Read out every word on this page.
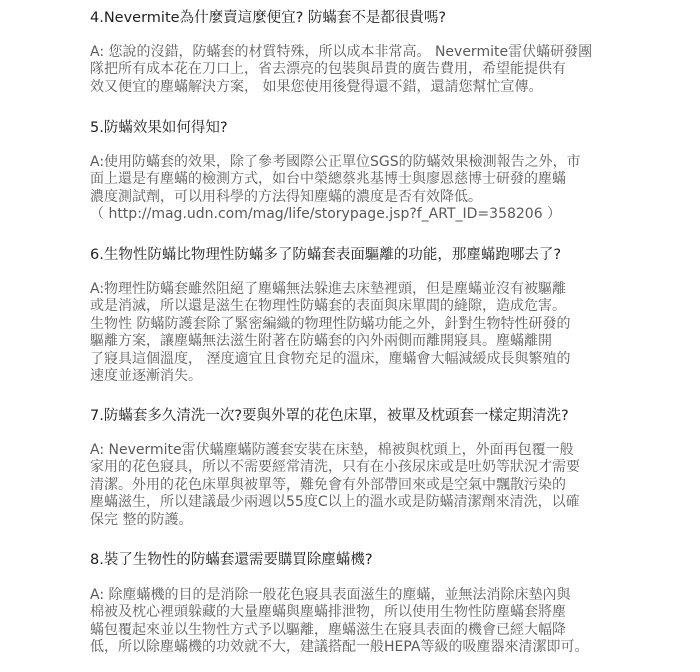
4.Nevermite為什麼賣這麼便宜? 防蟎套不是都很貴嗎?
A: 您說的沒錯，防蟎套的材質特殊，所以成本非常高。 Nevermite雷伏蟎研發團
隊把所有成本花在刀口上，省去漂亮的包裝與昂貴的廣告費用，希望能提供有
效又便宜的塵蟎解決方案， 如果您使用後覺得還不錯，還請您幫忙宣傳。
5.防蟎效果如何得知?
A:使用防蟎套的效果，除了參考國際公正單位SGS的防蟎效果檢測報告之外，市
面上還是有塵蟎的檢測方式，如台中榮總蔡兆基博士與廖恩慈博士研發的塵蟎
濃度測試劑，可以用科學的方法得知塵蟎的濃度是否有效降低。
（ http://mag.udn.com/mag/life/storypage.jsp?f_ART_ID=358206 ）
6.生物性防蟎比物理性防蟎多了防蟎套表面驅離的功能，那塵蟎跑哪去了?
A:物理性防蟎套雖然阻絕了塵蟎無法躲進去床墊裡頭，但是塵蟎並沒有被驅離
或是消滅，所以還是滋生在物理性防蟎套的表面與床單間的縫隙，造成危害。
生物性 防蟎防護套除了緊密編織的物理性防蟎功能之外，針對生物特性研發的
驅離方案，讓塵蟎無法滋生附著在防蟎套的內外兩側而離開寢具。塵蟎離開
了寢具這個溫度， 溼度適宜且食物充足的溫床，塵蟎會大幅減緩成長與繁殖的
速度並逐漸消失。
7.防蟎套多久清洗一次?要與外罩的花色床單，被單及枕頭套一樣定期清洗?
A: Nevermite雷伏蟎塵蟎防護套安裝在床墊，棉被與枕頭上，外面再包覆一般
家用的花色寢具，所以不需要經常清洗，只有在小孩尿床或是吐奶等狀況才需要
清潔。外用的花色床單與被單等，難免會有外部帶回來或是空氣中飄散污染的
塵蟎滋生，所以建議最少兩週以55度C以上的溫水或是防蟎清潔劑來清洗，以確
保完 整的防護。
8.裝了生物性的防蟎套還需要購買除塵蟎機?
A: 除塵蟎機的目的是消除一般花色寢具表面滋生的塵蟎，並無法消除床墊內與
棉被及枕心裡頭躲藏的大量塵蟎與塵蟎排泄物，所以使用生物性防塵蟎套將塵
蟎包覆起來並以生物性方式予以驅離，塵蟎滋生在寢具表面的機會已經大幅降
低，所以除塵蟎機的功效就不大，建議搭配一般HEPA等級的吸塵器來清潔即可。
